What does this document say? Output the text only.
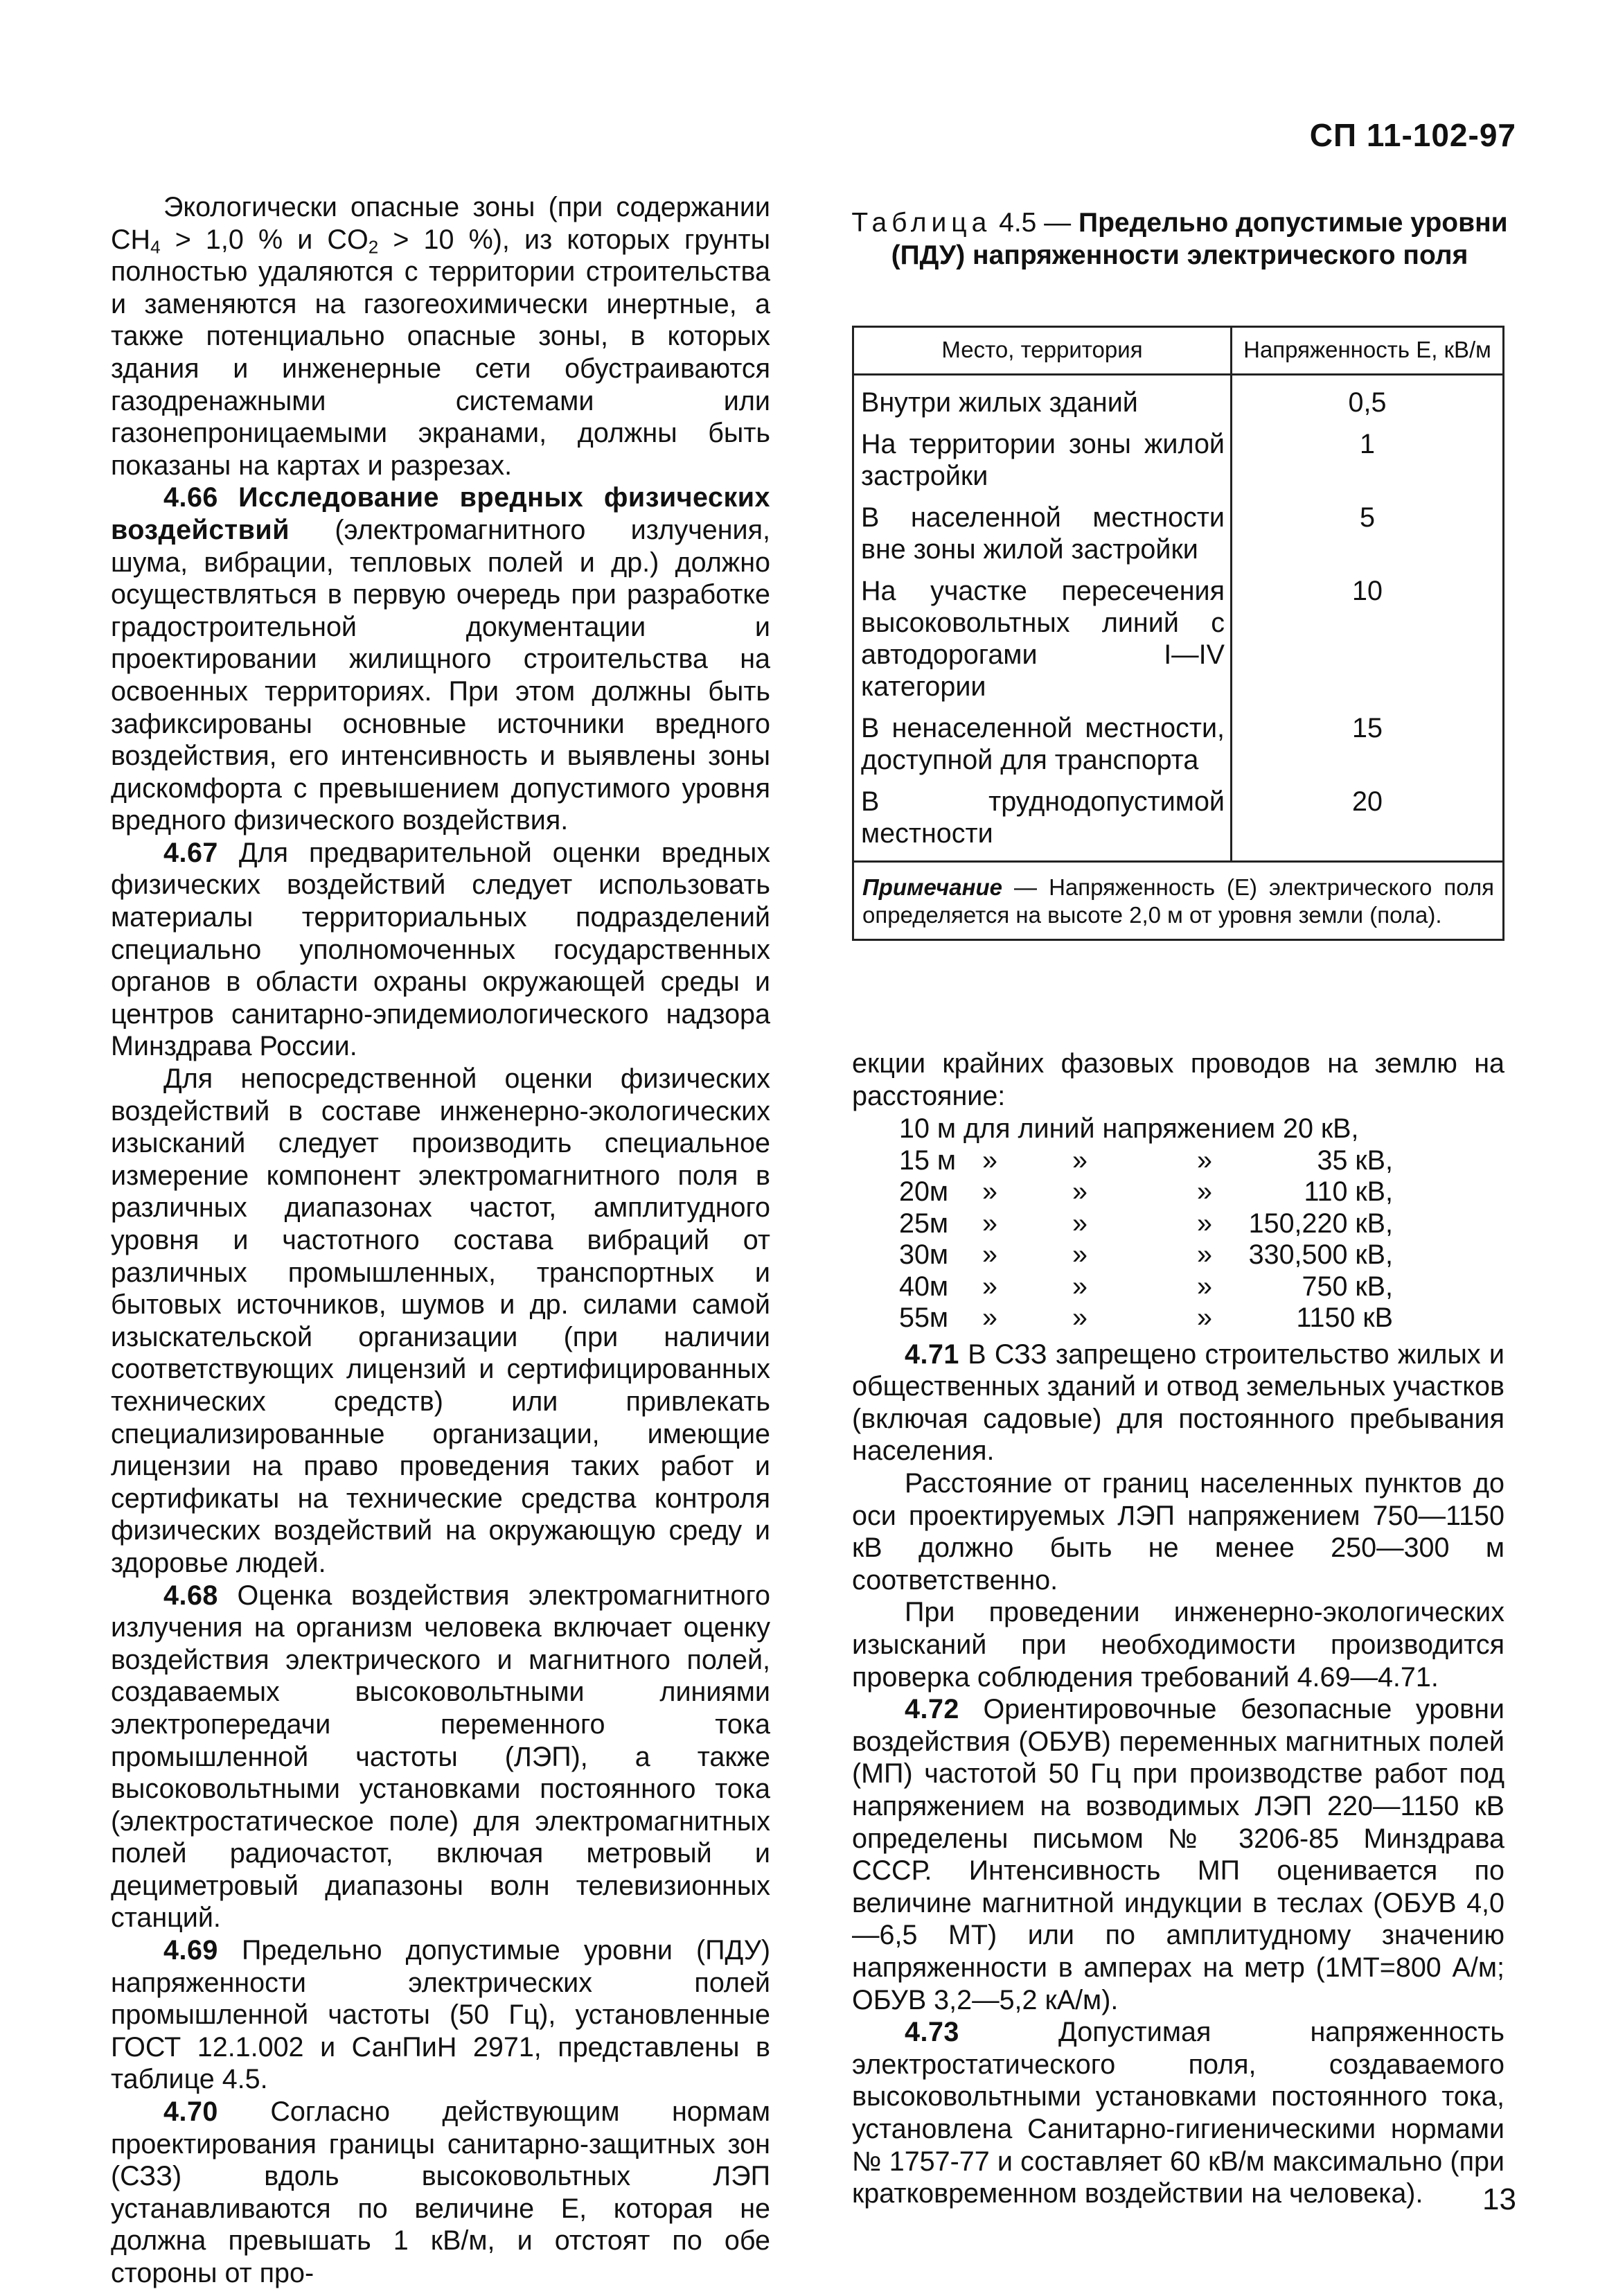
СП 11-102-97

Экологически опасные зоны (при содержании $CH_4 > 1,0$ % и $CO_2 > 10$ %), из которых грунты полностью удаляются с территории строительства и заменяются на газогеохимически инертные, а также потенциально опасные зоны, в которых здания и инженерные сети обустраиваются газодренажными системами или газонепроницаемыми экранами, должны быть показаны на картах и разрезах.

4.66 Исследование вредных физических воздействий (электромагнитного излучения, шума, вибрации, тепловых полей и др.) должно осуществляться в первую очередь при разработке градостроительной документации и проектировании жилищного строительства на освоенных территориях. При этом должны быть зафиксированы основные источники вредного воздействия, его интенсивность и выявлены зоны дискомфорта с превышением допустимого уровня вредного физического воздействия.

4.67 Для предварительной оценки вредных физических воздействий следует использовать материалы территориальных подразделений специально уполномоченных государственных органов в области охраны окружающей среды и центров санитарно-эпидемиологического надзора Минздрава России.

Для непосредственной оценки физических воздействий в составе инженерно-экологических изысканий следует производить специальное измерение компонент электромагнитного поля в различных диапазонах частот, амплитудного уровня и частотного состава вибраций от различных промышленных, транспортных и бытовых источников, шумов и др. силами самой изыскательской организации (при наличии соответствующих лицензий и сертифицированных технических средств) или привлекать специализированные организации, имеющие лицензии на право проведения таких работ и сертификаты на технические средства контроля физических воздействий на окружающую среду и здоровье людей.

4.68 Оценка воздействия электромагнитного излучения на организм человека включает оценку воздействия электрического и магнитного полей, создаваемых высоковольтными линиями электропередачи переменного тока промышленной частоты (ЛЭП), а также высоковольтными установками постоянного тока (электростатическое поле) для электромагнитных полей радиочастот, включая метровый и дециметровый диапазоны волн телевизионных станций.

4.69 Предельно допустимые уровни (ПДУ) напряженности электрических полей промышленной частоты (50 Гц), установленные ГОСТ 12.1.002 и СанПиН 2971, представлены в таблице 4.5.

4.70 Согласно действующим нормам проектирования границы санитарно-защитных зон (СЗЗ) вдоль высоковольтных ЛЭП устанавливаются по величине E, которая не должна превышать 1 кВ/м, и отстоят по обе стороны от про-

Таблица 4.5 — Предельно допустимые уровни (ПДУ) напряженности электрического поля
Место, территория	Напряженность E, кВ/м
Внутри жилых зданий	0,5
На территории зоны жилой застройки	1
В населенной местности вне зоны жилой застройки	5
На участке пересечения высоковольтных линий с автодорогами I—IV категории	10
В ненаселенной местности, доступной для транспорта	15
В труднодопустимой местности	20
Примечание — Напряженность (E) электрического поля определяется на высоте 2,0 м от уровня земли (пола).	

екции крайних фазовых проводов на землю на расстояние:

10 м для линий напряжением 20 кВ,
15 м »	»	»	35 кВ,
20м	»	»	»	110 кВ,
25м	»	»	»	150,220 кВ,
30м	»	»	»	330,500 кВ,
40м	»	»	»	750 кВ,
55м	»	»	»	1150 кВ

4.71 В СЗЗ запрещено строительство жилых и общественных зданий и отвод земельных участков (включая садовые) для постоянного пребывания населения.

Расстояние от границ населенных пунктов до оси проектируемых ЛЭП напряжением 750—1150 кВ должно быть не менее 250—300 м соответственно.

При проведении инженерно-экологических изысканий при необходимости производится проверка соблюдения требований 4.69—4.71.

4.72 Ориентировочные безопасные уровни воздействия (ОБУВ) переменных магнитных полей (МП) частотой 50 Гц при производстве работ под напряжением на возводимых ЛЭП 220—1150 кВ определены письмом № 3206-85 Минздрава СССР. Интенсивность МП оценивается по величине магнитной индукции в теслах (ОБУВ 4,0—6,5 МТ) или по амплитудному значению напряженности в амперах на метр (1МТ=800 А/м; ОБУВ 3,2—5,2 кА/м).

4.73 Допустимая напряженность электростатического поля, создаваемого высоковольтными установками постоянного тока, установлена Санитарно-гигиеническими нормами № 1757-77 и составляет 60 кВ/м максимально (при кратковременном воздействии на человека).	13
